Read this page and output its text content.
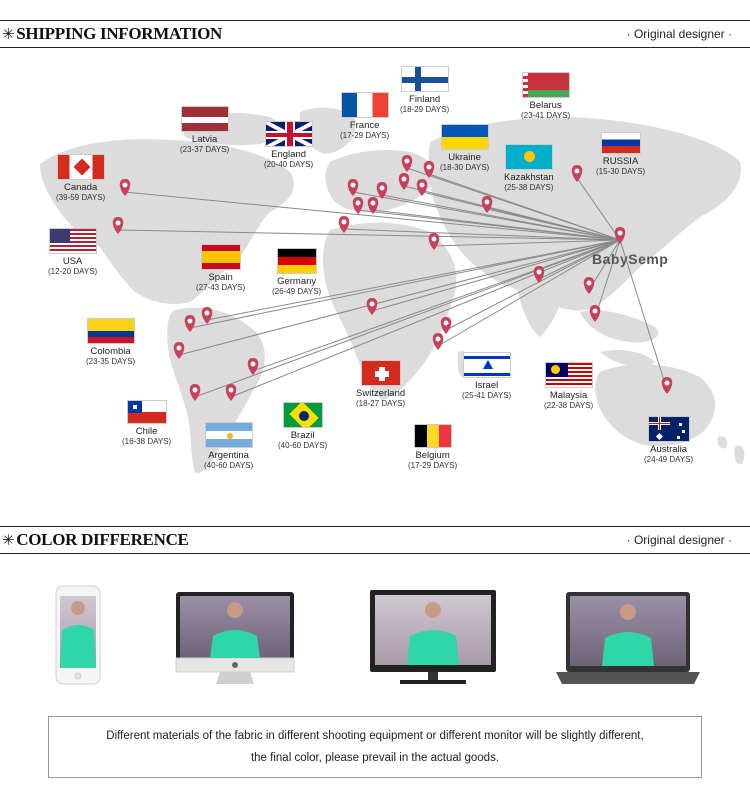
✳ SHIPPING INFORMATION	· Original designer ·
BabySemp
Finland
(18-29 DAYS)	Belarus
(23-41 DAYS)
Latvia
(23-37 DAYS)
France
(17-29 DAYS)
England
(20-40 DAYS)
Ukraine
(18-30 DAYS)
RUSSIA
(15-30 DAYS)
Canada
(39-59 DAYS)
Kazakhstan
(25-38 DAYS)
USA
(12-20 DAYS)
Spain
(27-43 DAYS)
Germany
(26-49 DAYS)
Colombia
(23-35 DAYS)
Switzerland
(18-27 DAYS)
Israel
(25-41 DAYS)	Malaysia
(22-38 DAYS)
Chile
(16-38 DAYS)
Brazil
(40-60 DAYS)
Argentina
(40-60 DAYS)
Belgium
(17-29 DAYS)
Australia
(24-49 DAYS)
✳ COLOR DIFFERENCE	· Original designer ·

Different materials of the fabric in different shooting equipment or different monitor will be slightly different,

the final color, please prevail in the actual goods.
